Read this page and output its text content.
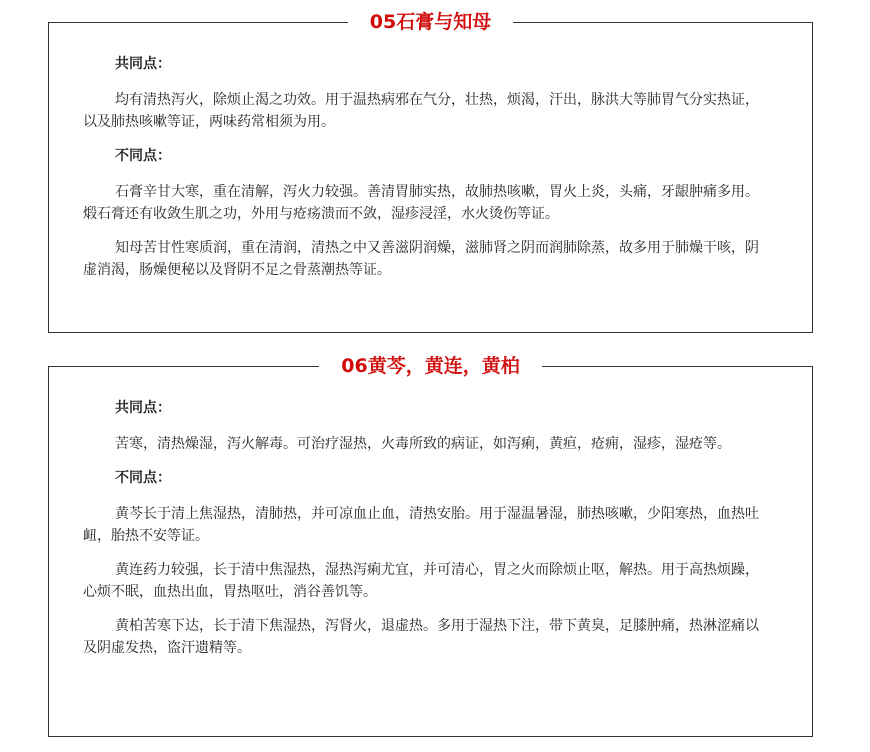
05石膏与知母
共同点：

均有清热泻火，除烦止渴之功效。用于温热病邪在气分，壮热，烦渴，汗出，脉洪大等肺胃气分实热证，以及肺热咳嗽等证，两味药常相须为用。

不同点：

石膏辛甘大寒，重在清解，泻火力较强。善清胃肺实热，故肺热咳嗽，胃火上炎，头痛，牙龈肿痛多用。煅石膏还有收敛生肌之功，外用与疮疡溃而不敛，湿疹浸淫，水火烫伤等证。

知母苦甘性寒质润，重在清润，清热之中又善滋阴润燥，滋肺肾之阴而润肺除蒸，故多用于肺燥干咳，阴虚消渴，肠燥便秘以及肾阴不足之骨蒸潮热等证。

06黄芩，黄连，黄柏
共同点：

苦寒，清热燥湿，泻火解毒。可治疗湿热，火毒所致的病证，如泻痢，黄疸，疮痈，湿疹，湿疮等。

不同点：

黄芩长于清上焦湿热，清肺热，并可凉血止血，清热安胎。用于湿温暑湿，肺热咳嗽，少阳寒热，血热吐衄，胎热不安等证。

黄连药力较强，长于清中焦湿热，湿热泻痢尤宜，并可清心，胃之火而除烦止呕，解热。用于高热烦躁，心烦不眠，血热出血，胃热呕吐，消谷善饥等。

黄柏苦寒下达，长于清下焦湿热，泻肾火，退虚热。多用于湿热下注，带下黄臭，足膝肿痛，热淋涩痛以及阴虚发热，盗汗遗精等。
